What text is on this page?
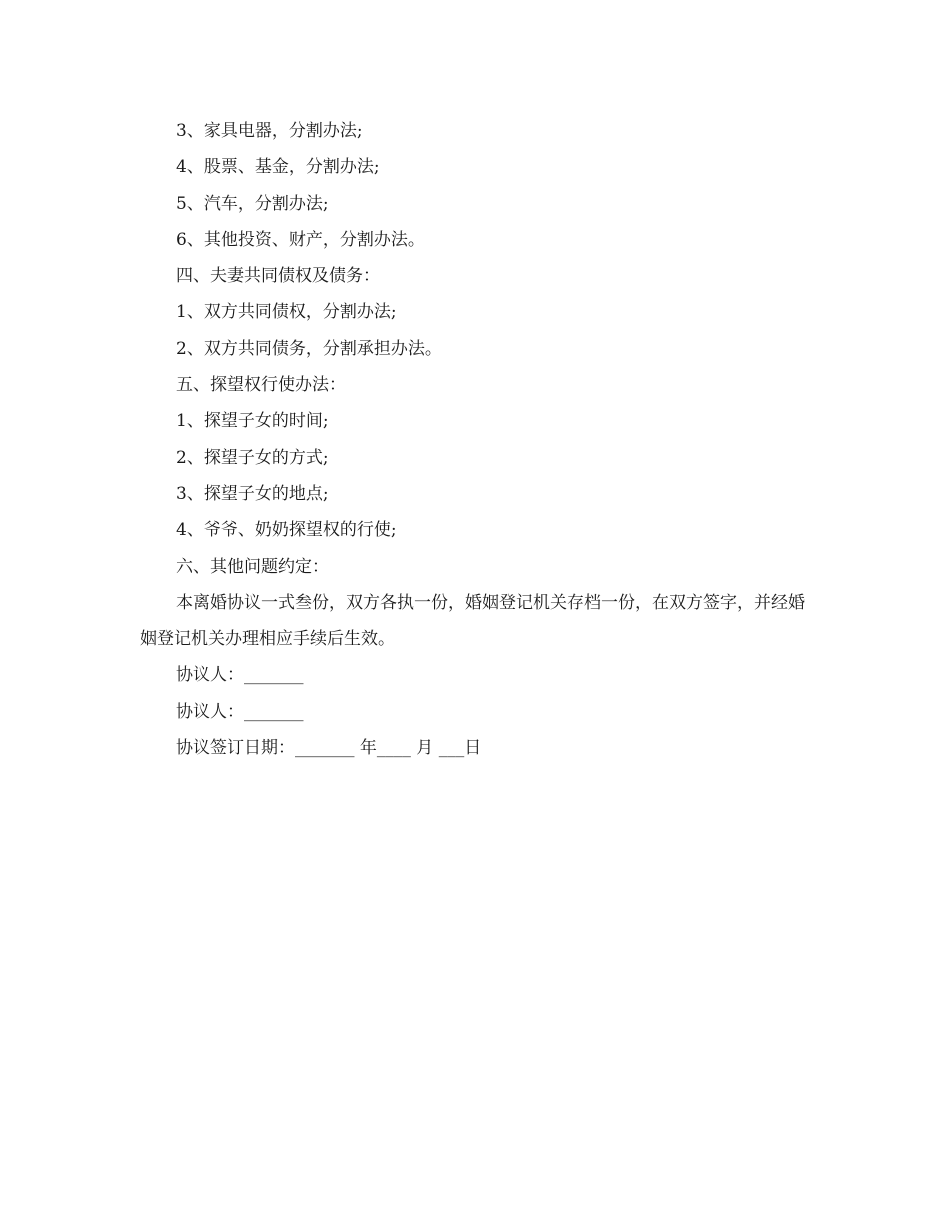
3、家具电器，分割办法;
4、股票、基金，分割办法;
5、汽车，分割办法;
6、其他投资、财产，分割办法。
四、夫妻共同债权及债务：
1、双方共同债权，分割办法;
2、双方共同债务，分割承担办法。
五、探望权行使办法：
1、探望子女的时间;
2、探望子女的方式;
3、探望子女的地点;
4、爷爷、奶奶探望权的行使;
六、其他问题约定：

本离婚协议一式叁份，双方各执一份，婚姻登记机关存档一份，在双方签字，并经婚姻登记机关办理相应手续后生效。

协议人：_______
协议人：_______
协议签订日期：_______ 年____ 月 ___日
